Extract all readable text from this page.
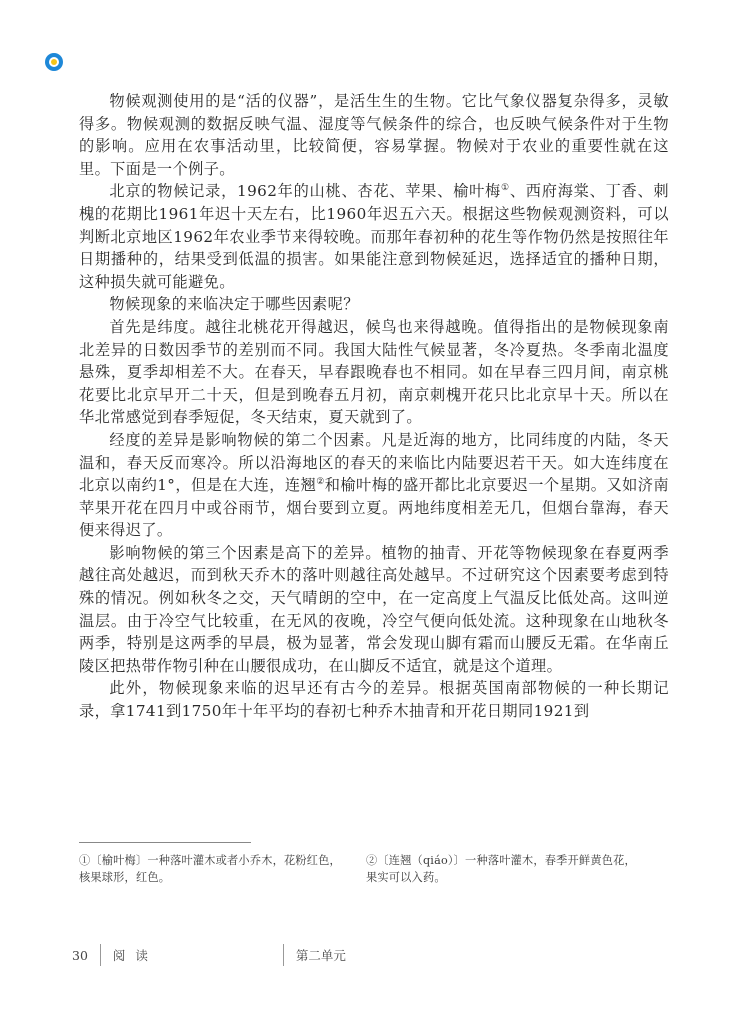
物候观测使用的是“活的仪器”，是活生生的生物。它比气象仪器复杂得多，灵敏得多。物候观测的数据反映气温、湿度等气候条件的综合，也反映气候条件对于生物的影响。应用在农事活动里，比较简便，容易掌握。物候对于农业的重要性就在这里。下面是一个例子。

北京的物候记录，1962年的山桃、杏花、苹果、榆叶梅①、西府海棠、丁香、刺槐的花期比1961年迟十天左右，比1960年迟五六天。根据这些物候观测资料，可以判断北京地区1962年农业季节来得较晚。而那年春初种的花生等作物仍然是按照往年日期播种的，结果受到低温的损害。如果能注意到物候延迟，选择适宜的播种日期，这种损失就可能避免。

物候现象的来临决定于哪些因素呢？

首先是纬度。越往北桃花开得越迟，候鸟也来得越晚。值得指出的是物候现象南北差异的日数因季节的差别而不同。我国大陆性气候显著，冬冷夏热。冬季南北温度悬殊，夏季却相差不大。在春天，早春跟晚春也不相同。如在早春三四月间，南京桃花要比北京早开二十天，但是到晚春五月初，南京刺槐开花只比北京早十天。所以在华北常感觉到春季短促，冬天结束，夏天就到了。

经度的差异是影响物候的第二个因素。凡是近海的地方，比同纬度的内陆，冬天温和，春天反而寒冷。所以沿海地区的春天的来临比内陆要迟若干天。如大连纬度在北京以南约1°，但是在大连，连翘②和榆叶梅的盛开都比北京要迟一个星期。又如济南苹果开花在四月中或谷雨节，烟台要到立夏。两地纬度相差无几，但烟台靠海，春天便来得迟了。

影响物候的第三个因素是高下的差异。植物的抽青、开花等物候现象在春夏两季越往高处越迟，而到秋天乔木的落叶则越往高处越早。不过研究这个因素要考虑到特殊的情况。例如秋冬之交，天气晴朗的空中，在一定高度上气温反比低处高。这叫逆温层。由于冷空气比较重，在无风的夜晚，冷空气便向低处流。这种现象在山地秋冬两季，特别是这两季的早晨，极为显著，常会发现山脚有霜而山腰反无霜。在华南丘陵区把热带作物引种在山腰很成功，在山脚反不适宜，就是这个道理。

此外，物候现象来临的迟早还有古今的差异。根据英国南部物候的一种长期记录，拿1741到1750年十年平均的春初七种乔木抽青和开花日期同1921到

①〔榆叶梅〕一种落叶灌木或者小乔木，花粉红色，核果球形，红色。
②〔连翘（qiáo）〕一种落叶灌木，春季开鲜黄色花，果实可以入药。
30 阅 读	第二单元
